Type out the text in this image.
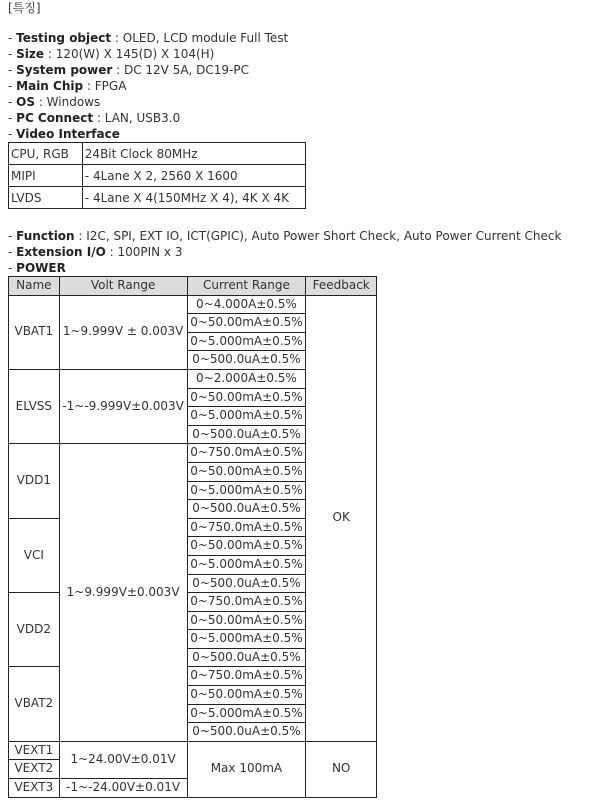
[특징]
- Testing object : OLED, LCD module Full Test
- Size : 120(W) X 145(D) X 104(H)
- System power : DC 12V 5A, DC19-PC
- Main Chip : FPGA
- OS : Windows
- PC Connect : LAN, USB3.0
- Video Interface
CPU, RGB	24Bit Clock 80MHz
MIPI	- 4Lane X 2, 2560 X 1600
LVDS	- 4Lane X 4(150MHz X 4), 4K X 4K
- Function : I2C, SPI, EXT IO, ICT(GPIC), Auto Power Short Check, Auto Power Current Check
- Extension I/O : 100PIN x 3
- POWER
Name	Volt Range	Current Range	Feedback
VBAT1	1~9.999V ± 0.003V	0~4.000A±0.5%	OK
		0~50.00mA±0.5%	
		0~5.000mA±0.5%	
		0~500.0uA±0.5%	
ELVSS	-1~-9.999V±0.003V	0~2.000A±0.5%	
		0~50.00mA±0.5%	
		0~5.000mA±0.5%	
		0~500.0uA±0.5%	
VDD1	1~9.999V±0.003V	0~750.0mA±0.5%	
		0~50.00mA±0.5%	
		0~5.000mA±0.5%	
		0~500.0uA±0.5%	
VCI		0~750.0mA±0.5%	
		0~50.00mA±0.5%	
		0~5.000mA±0.5%	
		0~500.0uA±0.5%	
VDD2		0~750.0mA±0.5%	
		0~50.00mA±0.5%	
		0~5.000mA±0.5%	
		0~500.0uA±0.5%	
VBAT2		0~750.0mA±0.5%	
		0~50.00mA±0.5%	
		0~5.000mA±0.5%	
		0~500.0uA±0.5%	
VEXT1	1~24.00V±0.01V	Max 100mA	NO
VEXT2			
VEXT3	-1~-24.00V±0.01V		
